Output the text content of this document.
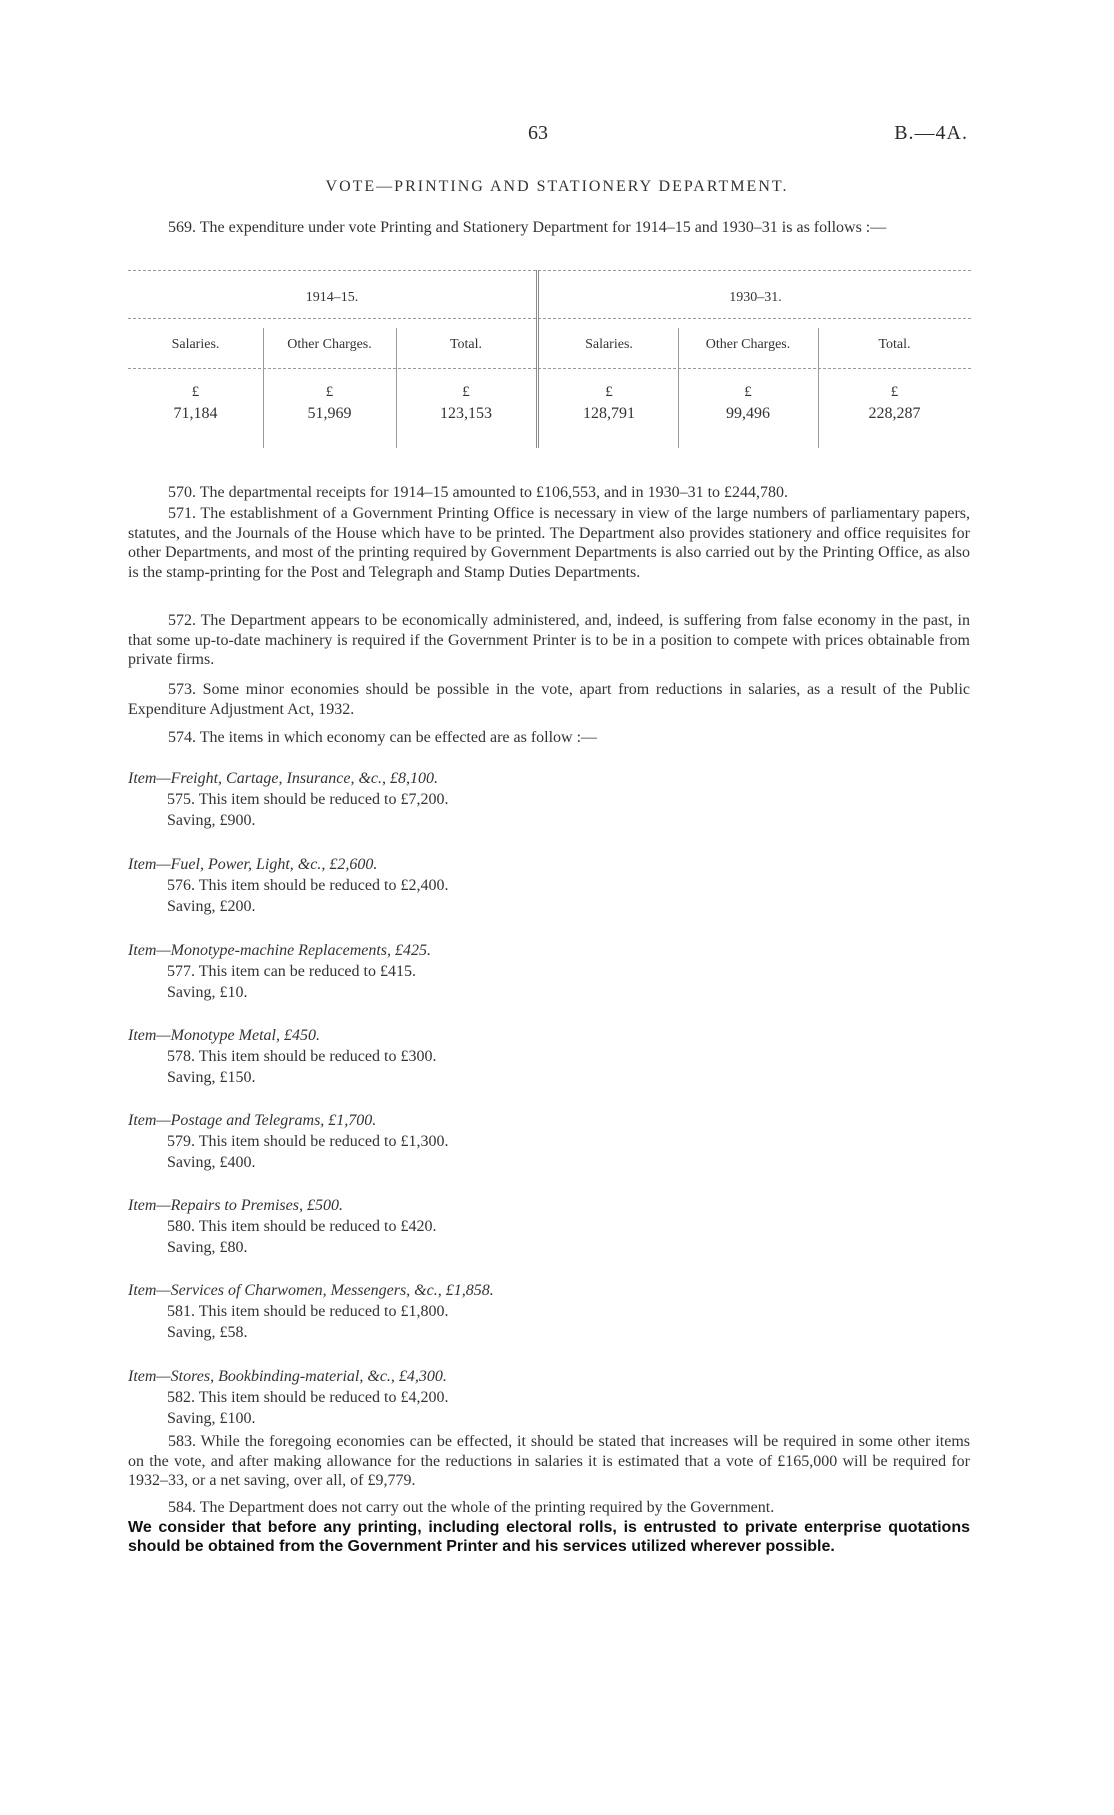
63	B.—4A.
VOTE—PRINTING AND STATIONERY DEPARTMENT.
569. The expenditure under vote Printing and Stationery Department for 1914–15 and 1930–31 is as follows :—
1914–15.	1930–31.
Salaries.	Other Charges.	Total.	Salaries.	Other Charges.	Total.
£	£	£	£	£	£
71,184	51,969	123,153	128,791	99,496	228,287
570. The departmental receipts for 1914–15 amounted to £106,553, and in 1930–31 to £244,780.
571. The establishment of a Government Printing Office is necessary in view of the large numbers of parliamentary papers, statutes, and the Journals of the House which have to be printed. The Department also provides stationery and office requisites for other Departments, and most of the printing required by Government Departments is also carried out by the Printing Office, as also is the stamp-printing for the Post and Telegraph and Stamp Duties Departments.
572. The Department appears to be economically administered, and, indeed, is suffering from false economy in the past, in that some up-to-date machinery is required if the Government Printer is to be in a position to compete with prices obtainable from private firms.
573. Some minor economies should be possible in the vote, apart from reductions in salaries, as a result of the Public Expenditure Adjustment Act, 1932.
574. The items in which economy can be effected are as follow :—
Item—Freight, Cartage, Insurance, &c., £8,100.
575. This item should be reduced to £7,200.
Saving, £900.
Item—Fuel, Power, Light, &c., £2,600.
576. This item should be reduced to £2,400.
Saving, £200.
Item—Monotype-machine Replacements, £425.
577. This item can be reduced to £415.
Saving, £10.
Item—Monotype Metal, £450.
578. This item should be reduced to £300.
Saving, £150.
Item—Postage and Telegrams, £1,700.
579. This item should be reduced to £1,300.
Saving, £400.
Item—Repairs to Premises, £500.
580. This item should be reduced to £420.
Saving, £80.
Item—Services of Charwomen, Messengers, &c., £1,858.
581. This item should be reduced to £1,800.
Saving, £58.
Item—Stores, Bookbinding-material, &c., £4,300.
582. This item should be reduced to £4,200.
Saving, £100.
583. While the foregoing economies can be effected, it should be stated that increases will be required in some other items on the vote, and after making allowance for the reductions in salaries it is estimated that a vote of £165,000 will be required for 1932–33, or a net saving, over all, of £9,779.
584. The Department does not carry out the whole of the printing required by the Government.
We consider that before any printing, including electoral rolls, is entrusted to private enterprise quotations should be obtained from the Government Printer and his services utilized wherever possible.
